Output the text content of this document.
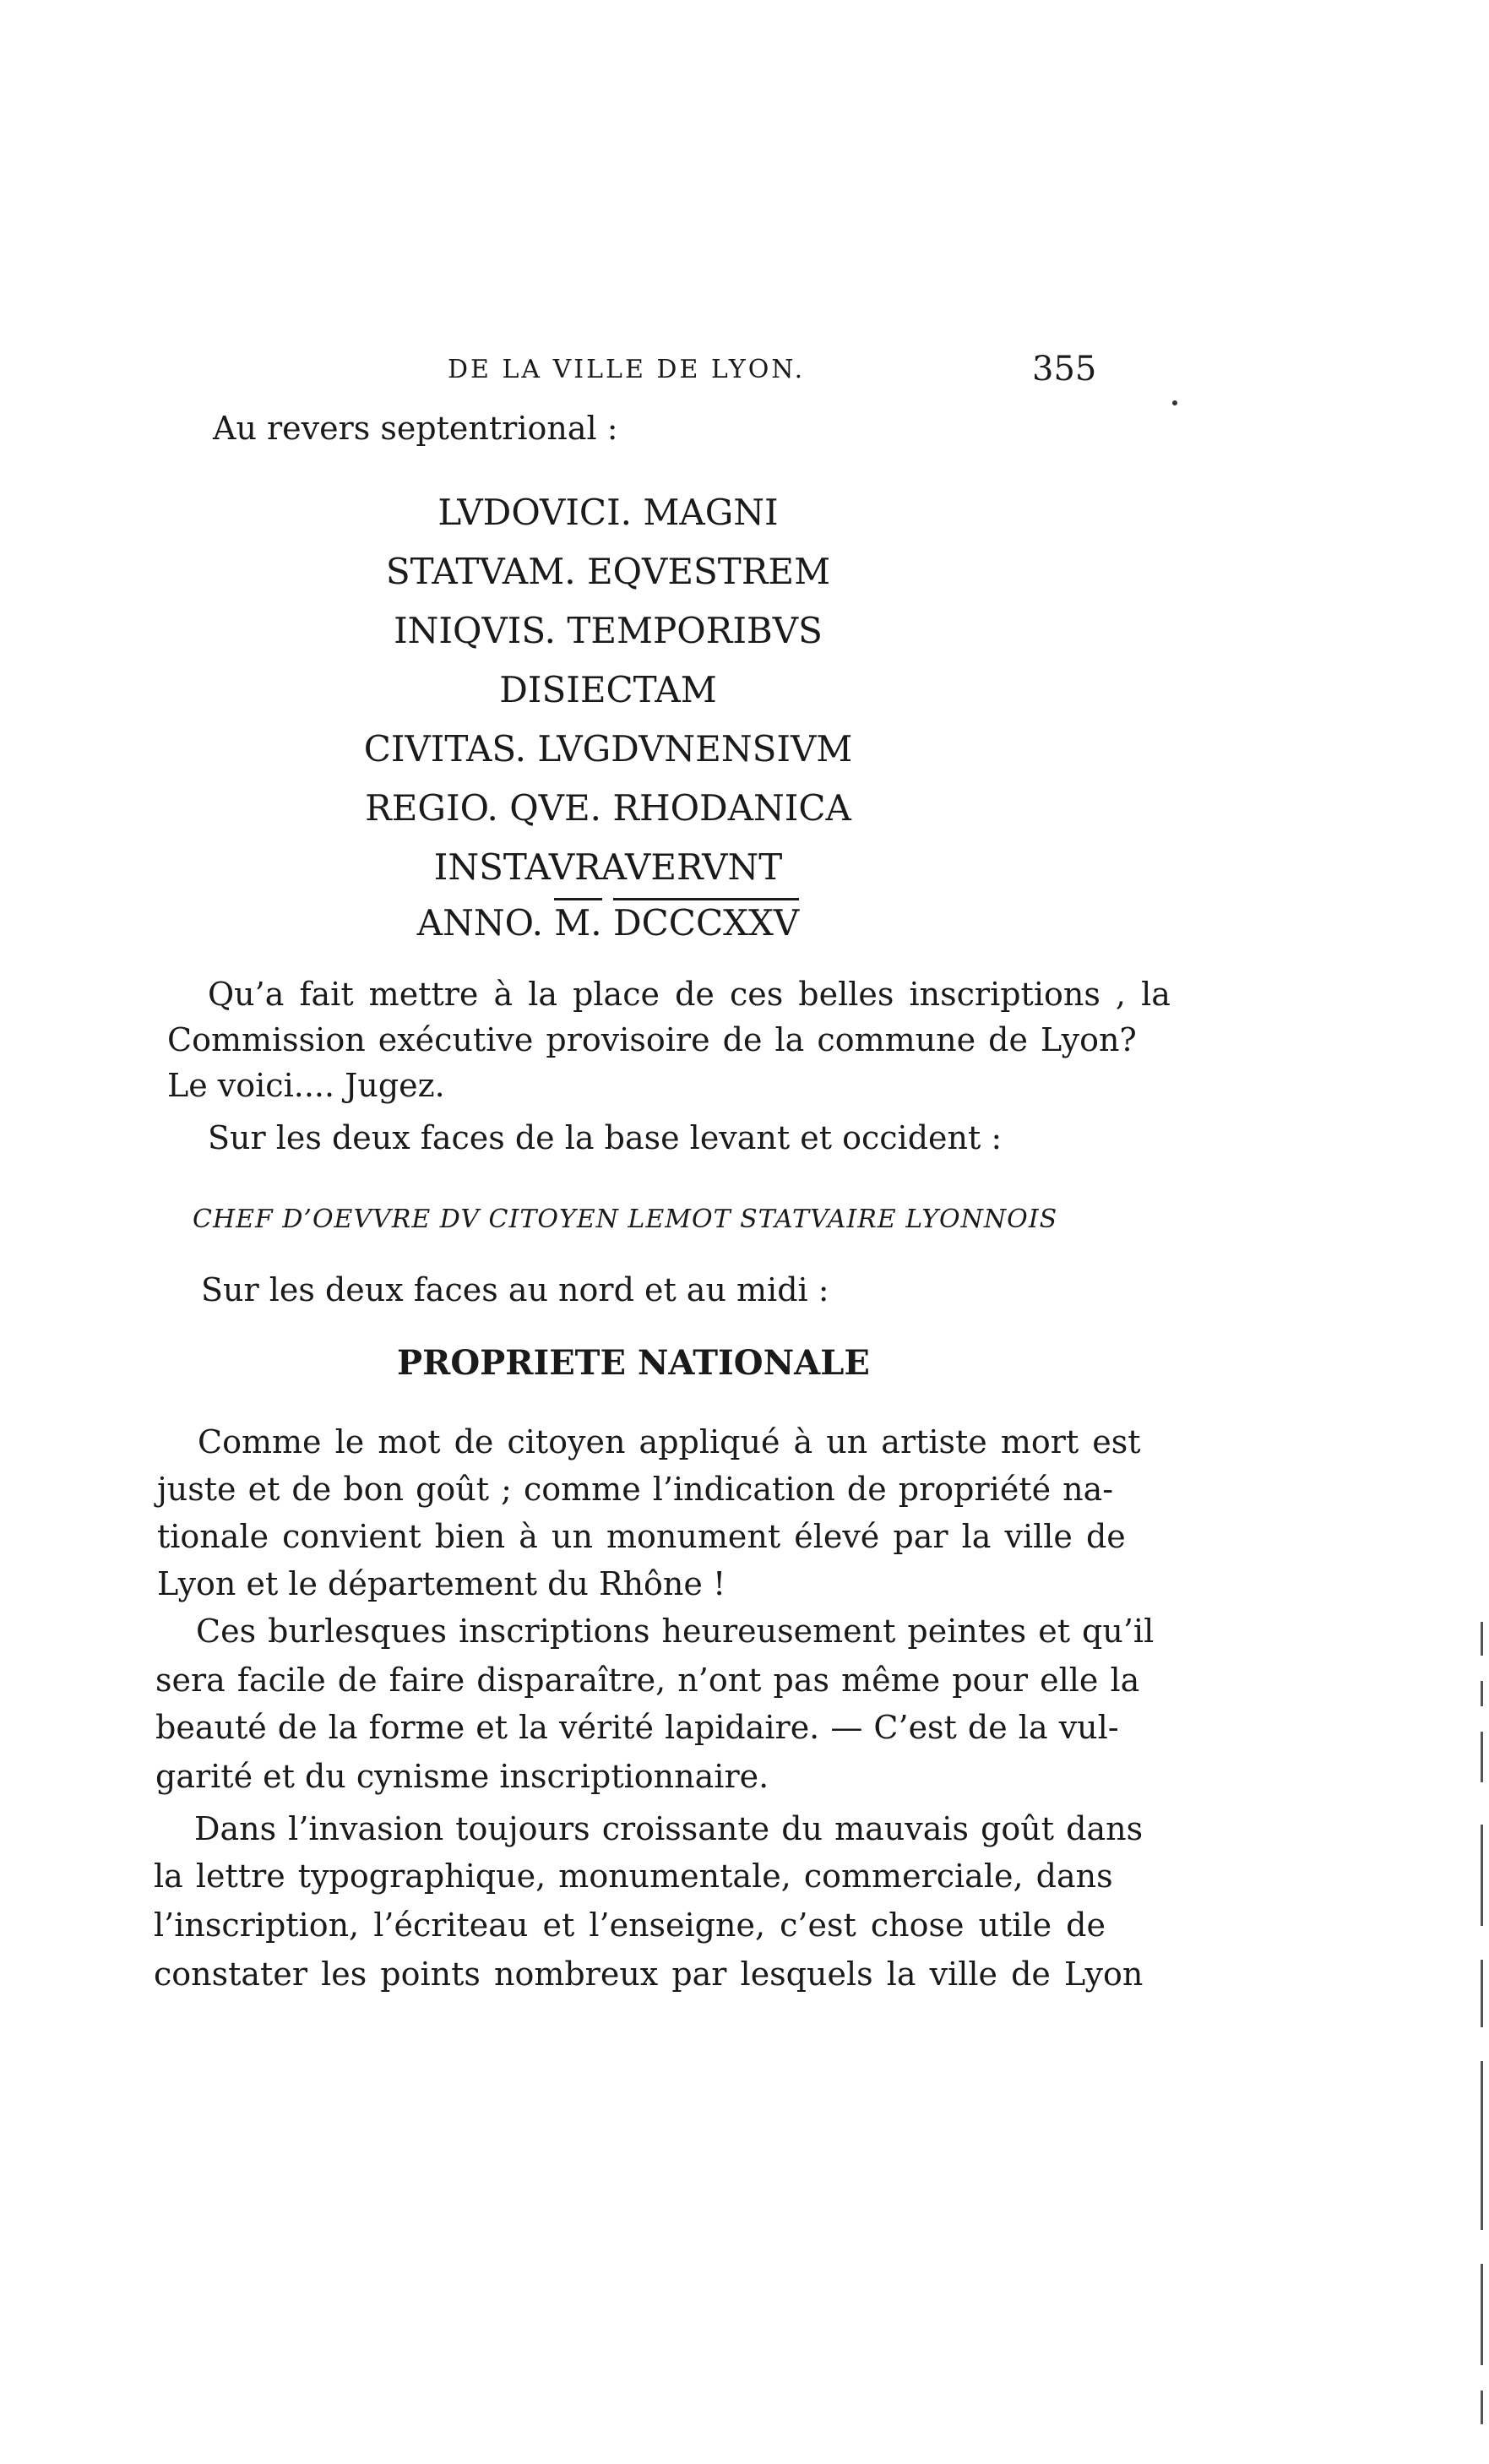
DE LA VILLE DE LYON.	355
Au revers septentrional :
LVDOVICI. MAGNI
STATVAM. EQVESTREM
INIQVIS. TEMPORIBVS
DISIECTAM
CIVITAS. LVGDVNENSIVM
REGIO. QVE. RHODANICA
INSTAVRAVERVNT
ANNO. M. DCCCXXV
Qu’a fait mettre à la place de ces belles inscriptions , la
Commission exécutive provisoire de la commune de Lyon?
Le voici.... Jugez.
Sur les deux faces de la base levant et occident :
CHEF D’OEVVRE DV CITOYEN LEMOT STATVAIRE LYONNOIS
Sur les deux faces au nord et au midi :
PROPRIETE NATIONALE
Comme le mot de citoyen appliqué à un artiste mort est
juste et de bon goût ; comme l’indication de propriété na-
tionale convient bien à un monument élevé par la ville de
Lyon et le département du Rhône !
Ces burlesques inscriptions heureusement peintes et qu’il
sera facile de faire disparaître, n’ont pas même pour elle la
beauté de la forme et la vérité lapidaire. — C’est de la vul-
garité et du cynisme inscriptionnaire.
Dans l’invasion toujours croissante du mauvais goût dans
la lettre typographique, monumentale, commerciale, dans
l’inscription, l’écriteau et l’enseigne, c’est chose utile de
constater les points nombreux par lesquels la ville de Lyon
